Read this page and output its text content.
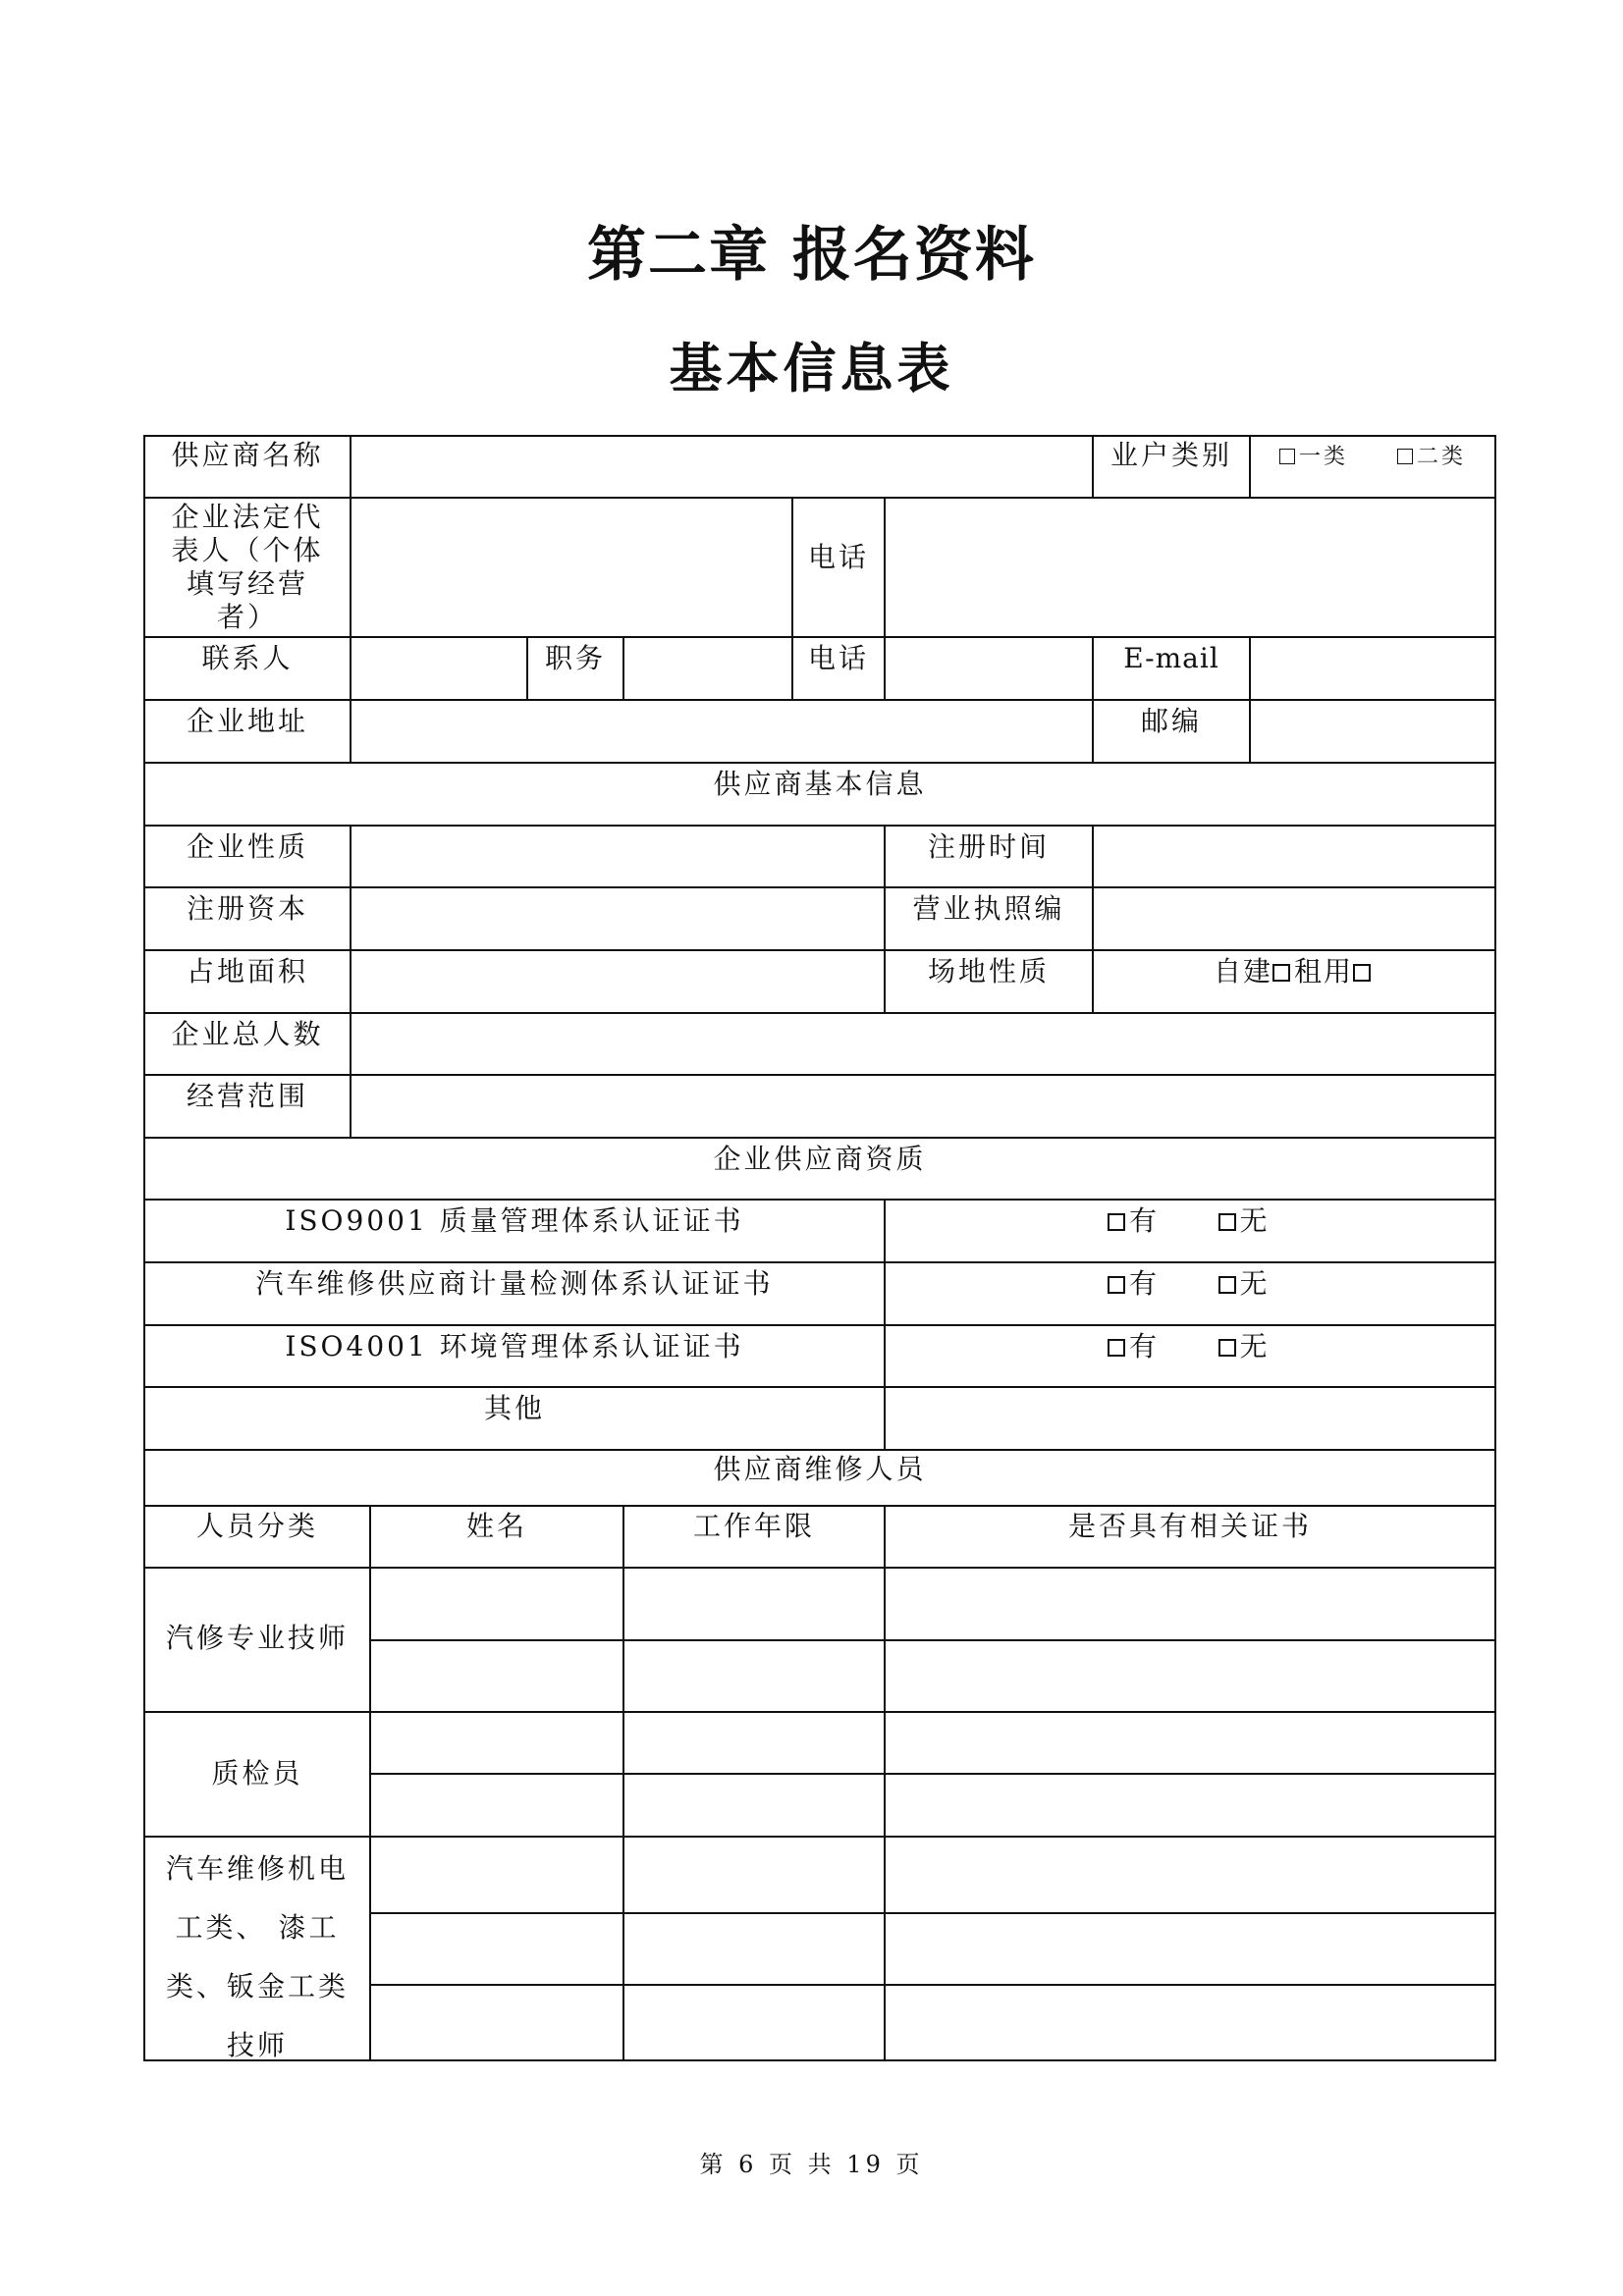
第二章 报名资料
基本信息表
供应商名称	业户类别	一类	二类
企业法定代
表人（个体
填写经营
者）
电话
联系人	职务	电话	E-mail
企业地址	邮编
供应商基本信息
企业性质	注册时间
注册资本	营业执照编
占地面积	场地性质	自建 租用
企业总人数
经营范围
企业供应商资质
ISO9001 质量管理体系认证证书	有	无
汽车维修供应商计量检测体系认证证书	有	无
ISO4001 环境管理体系认证证书	有	无
其他
供应商维修人员
人员分类	姓名	工作年限	是否具有相关证书
汽修专业技师
质检员
汽车维修机电
工类、 漆工
类、钣金工类
技师
第 6 页 共 19 页
